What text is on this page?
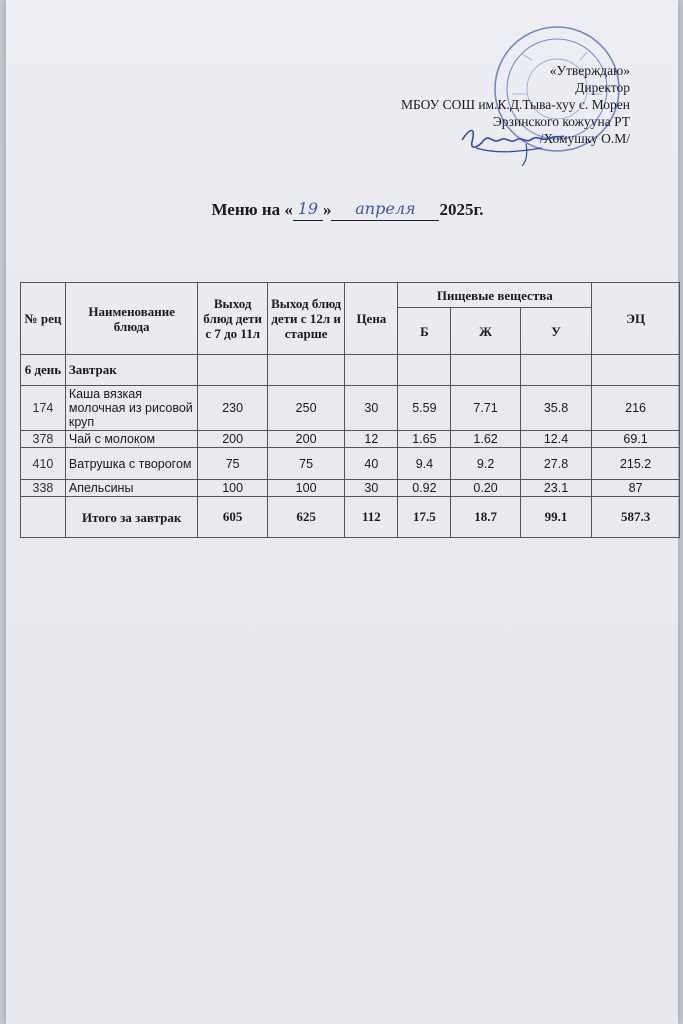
«Утверждаю»
Директор
МБОУ СОШ им.К.Д.Тыва-хуу с. Морен
Эрзинского кожууна РТ
/Хомушку О.М/
Меню на « 19 »	апреля	2025г.
№ рец	Наименование блюда	Выход блюд дети с 7 до 11л	Выход блюд дети с 12л и старше	Цена	Пищевые вещества			ЭЦ
					Б	Ж	У	
6 день	Завтрак							
174	Каша вязкая молочная из рисовой круп	230	250	30	5.59	7.71	35.8	216
378	Чай с молоком	200	200	12	1.65	1.62	12.4	69.1
410	Ватрушка с творогом	75	75	40	9.4	9.2	27.8	215.2
338	Апельсины	100	100	30	0.92	0.20	23.1	87
	Итого за завтрак	605	625	112	17.5	18.7	99.1	587.3
